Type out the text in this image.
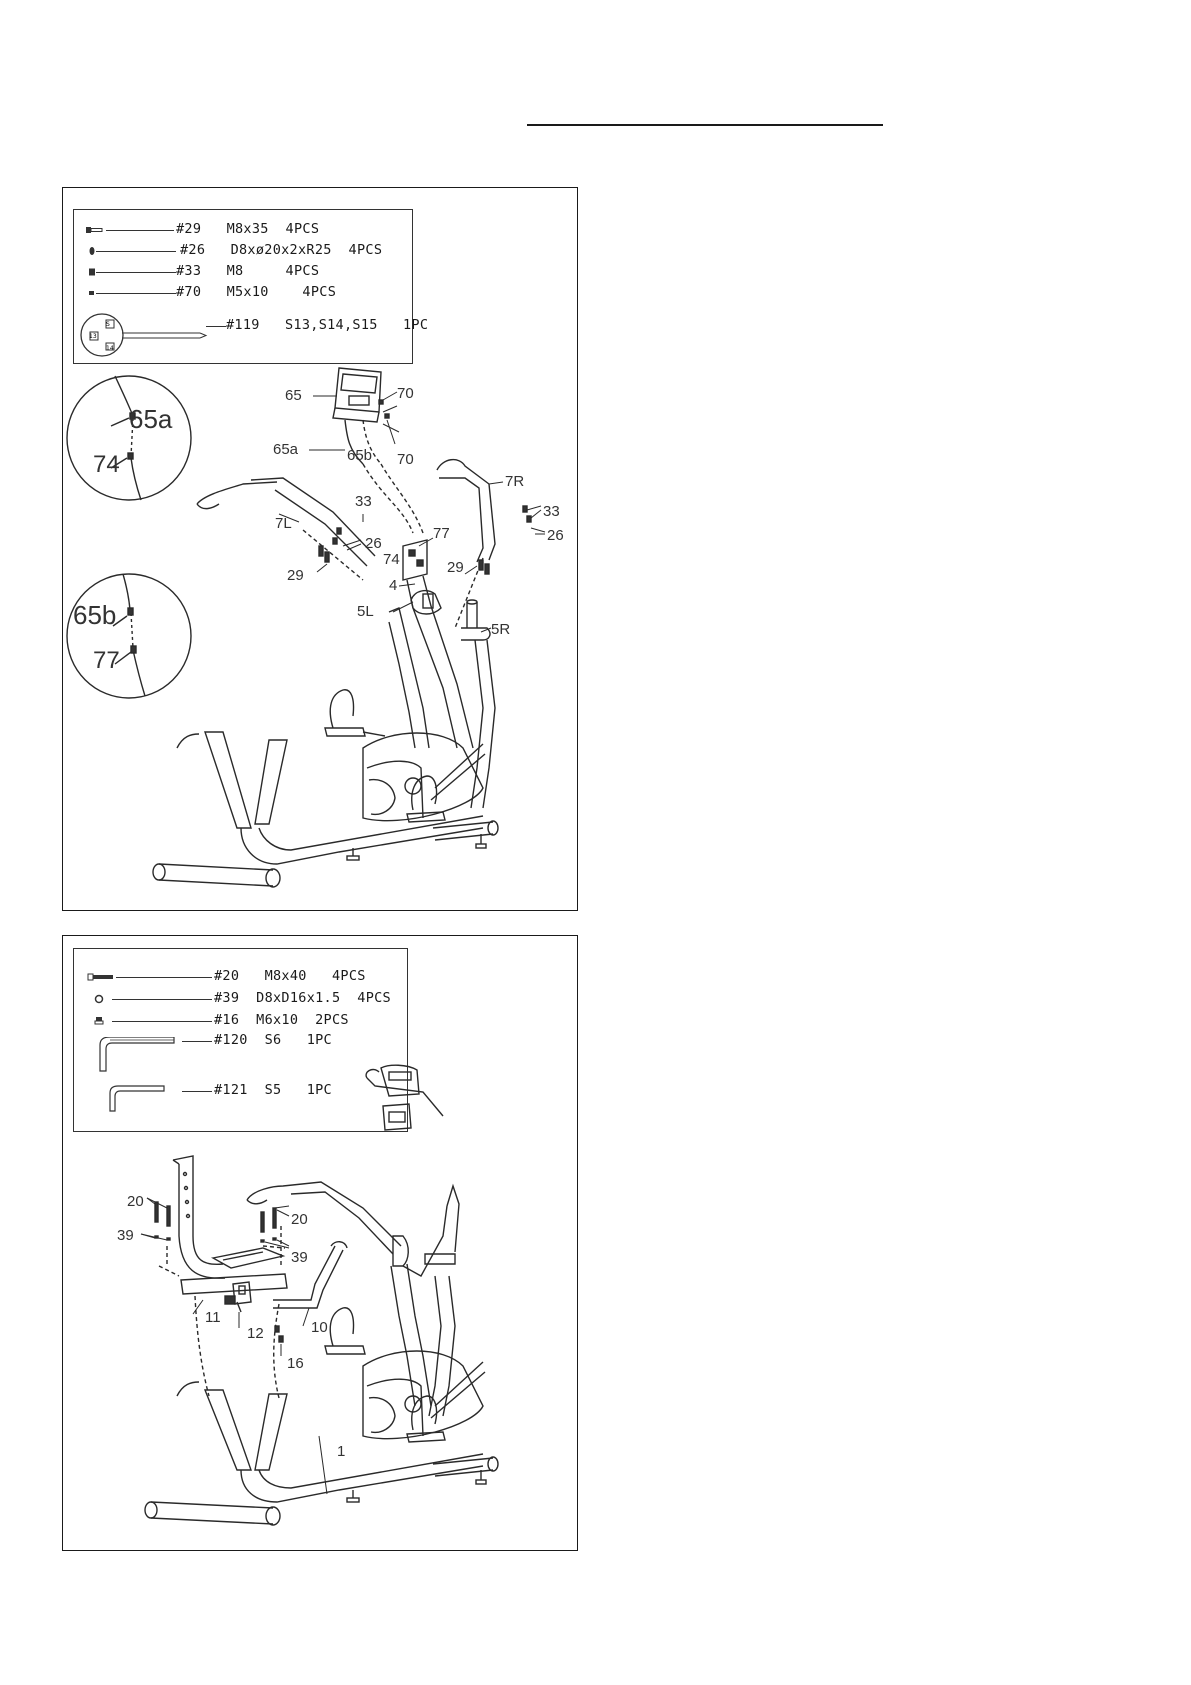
#29   M8x35  4PCS
#26   D8xø20x2xR25  4PCS
#33   M8     4PCS
#70   M5x10    4PCS
S
13
14
#119   S13,S14,S15   1PC
65a
74
65b
77
65	70
65a	65b 70
7R
33
33
7L
26	26
77
74
29	29
4
5L
5R
#20   M8x40   4PCS
#39  D8xD16x1.5  4PCS
#16  M6x10  2PCS
#120  S6   1PC
#121  S5   1PC
20
39
20
39
11
12	10
16
1
